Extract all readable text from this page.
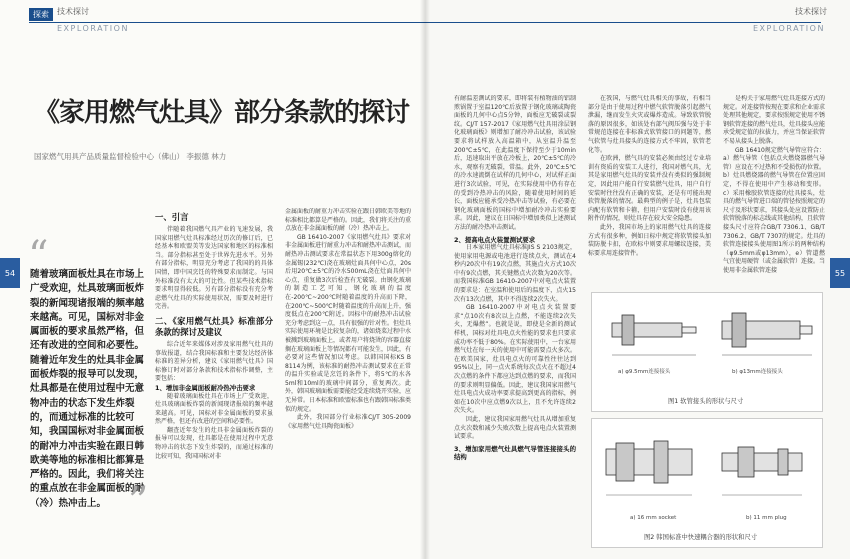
探索	技术探讨
EXPLORATION
54
《家用燃气灶具》部分条款的探讨
国家燃气用具产品质量监督检验中心（佛山） 李振德 林力
“
随着玻璃面板灶具在市场上广受欢迎，灶具玻璃面板炸裂的新闻现诸报端的频率越来越高。可见，国标对非金属面板的要求虽然严格，但还有改进的空间和必要性。随着近年发生的灶具非金属面板炸裂的报导可以发现，灶具都是在使用过程中无意物冲击的状态下发生炸裂的，而通过标准的比较可知，我国国标对非金属面板的耐冲力冲击实验在跟日韩欧美等地的标准相比都算是严格的。因此，我们将关注的重点放在非金属面板的耐（冷）热冲击上。 ”
一、引言

伴随着我国燃气具产业的飞速发展，我国家用燃气灶具标准经过历次的修订后，已经基本和欧盟美等发达国家和地区的标准相当。部分指标甚至处于世界先进水平。另外有部分指标，明显充分考虑了我国的的具体国情，即中国烹饪的特殊要求而制定。与国外标准没有太大的可比性。但某些技术指标要求明显得较低。另有部分指标没有充分考虑燃气灶具的实际使用状况，需要及时进行完善。

二、《家用燃气灶具》标准部分条款的探讨及建议

综合近年来媒体对涉及家用燃气灶具的事故报道，结合我国标准和主要发达经济体标准的差异分析，建议《家用燃气灶具》国标修订时对部分条款和技术指标作调整，主要包括：

1、增加非金属面板耐冷热冲击要求

随着玻璃面板灶具在市场上广受欢迎，灶具玻璃面板炸裂的新闻现诸报端的频率越来越高。可见，国标对非金属面板的要求虽然严格，但还有改进的空间和必要性。

翻查近年发生的灶具非金属面板炸裂的报导可以发现，灶具都是在使用过程中无意物冲击的状态下发生炸裂的，而通过标准的比较可知，我国国标对非

金属面板的耐重力冲击实验在跟日韩欧美等地的标准相比都算是严格的。因此，我们将关注的重点放在非金属面板的耐（冷）热冲击上。

GB 16410-2007《家用燃气灶具》要求对非金属面板进行耐重力冲击和耐热冲击测试，而耐热冲击测试要求在常温状态下用300g熔化的金属锡(232℃)浇在玻璃灶面具何中心点，20s后用20℃±5℃的冷水500mL浇在灶面具何中心点，重复做3次后检查有无破裂。由钢化玻璃的制造工艺可知，钢化玻璃的温度在-200℃~200℃时随着温度的升高而下降，在200℃~500℃时随着温度的升高而上升，强度低点在200℃附近。因标中的耐热冲击试验充分考虑到这一点，具有很强的针对性。但灶具实际使用环境是比较复杂的，诸如烧菜过程中水被溅到玻璃面板上，或者用户将烧烫的容器直接搁在玻璃面板上等情况都有可能发生，因此，有必要对这些情况加以考虑。以韩国国标KS B 8114为例，该标准的耐热冲击测试要求在正常的温升实验或是烹饪的条件下，将5℃的水各5ml和10ml的玻璃中间部分，重复两次。此外，韩国玻璃面板需要能经受连续烧开实验，应无异常。日本标准和欧盟标准也有跟韩国标准类似的规定。

此外，我国部分行业标准CJ/T 305-2009《家用燃气灶具陶瓷面板》

技术探讨
EXPLORATION
55

有耐温差测试的要求，即将装有植物油的铝制煎锅置于室温120℃后放置于钢化玻璃或陶瓷面板的几何中心点5分钟，面板应无破裂或裂纹。CJ/T 157-2017《家用燃气灶具用涂层钢化玻璃面板》则增加了耐冷冲击试验，该试验要求将试样放入高温箱中，从室温升温至200℃±5℃，在此温度下保持至少于10min后，迅速取出平放在冷板上，20℃±5℃的冷水，观察有无破裂，常温。此外，20℃±5℃的冷水速流倒在试样的几何中心，对试样正面进行3次试验，可见，在实际使用中仍有存在的受到冷热冲击的风险，随着使用时间的延长，面板应能承受冷热冲击等试验，有必要在钢化玻璃面板的国标中增加耐冷冲击实验要求。因此，建议在日国标中增加类似上述测试方法的耐冷热冲击测试。

2、提高电点火装置测试要求

日本家用燃气灶具标准JIS S 2103规定，使用家用电源或电池进行连续点火，测试在4秒内20次中有19次点燃，其施点火方式10次中有9次点燃，其关键燃点火次数为20次等。而我国标准GB 16410-2007中对电点火装置的要求是：在室温和使用后的温度下，点火15次有13次点燃，其中不得连续2次失火。

GB 16410-2007中对电点火装置要求“点10次有8次以上点燃，不能连续2次失火，无爆燃”。也就是说，即使是全新的测试样机，国标对灶具电点火性能的要求也只要求成功率不低于80%。在实际使用中，一台家用燃气灶在每一天的使用中可能需要点火多次。在欧美国家，灶具电点火的可靠性往往达到95%以上，同一点火系统每次点火在不超过4次点燃的条件下都应达到点燃的要求，而我国的要求则明显偏低。因此，建议我国家用燃气灶具电点火成功率要求提高到更高的指标，例如在10次中应点燃9次以上，且不允许连续2次失火。

因此，建议我国家用燃气灶具从增加重复点火次数和减少失败次数上提高电点火装置测试要求。

3、增加家用燃气灶具燃气导管连接接头的结构

在我国，与燃气灶具相关的事故，有相当部分是由于使用过程中燃气软管脱落引起燃气泄漏，继而发生火灾或爆炸造成。导致软管脱落的原因很多，如该处右部气阀压强与处于非常规范连接在非标准式软管接口的问题等，燃气软管与灶具接头的连接方式不牢固，软管老化等。

在欧洲，燃气具的安装必须由经过专业培训有资质的安装工人进行，我国对燃气具，尤其是家用燃气灶具的安装并没有类似的强制规定，因此用户能自行安装燃气灶具，用户自行安装时往往没有正确的安装，还是有可能出现软管脱落的情况。最典型的例子是，灶具包装内配有软管和卡箍，但用户安装时没有使用该附件的情况，则灶具存在较大安全隐患。

此外，我国市场上的家用燃气灶具的连接方式有很多种，例如日标中规定将软管接头加装防脱卡扣，在欧标中则要求用螺纹连接，美标要求用连接管件。

是构关于家用燃气灶具连接方式的规定。对连接管按现在要求和企业需求处理其他规定，要求按照规定使用不锈钢软管连接的燃气灶具，灶具接头应能承受规定值的拉拔力，并应当保证软管不易从接头上脱落。

GB 16410规定燃气导管应符合：a）燃气导管（包括点火燃烧器燃气导管）应设在不过热和不受损伤的位置。b）灶具燃烧器的燃气导管在位置应固定，不得在使用中产生移动和变形。c）采用橡胶软管连接的灶具接头，灶具的燃气导管进口端的管径按照规定的尺寸及形状要求，其接头处应设置防止软管脱落的标志线或其他结构，且软管接头尺寸应符合GB/T 7306.1、GB/T 7306.2、GB/T 7307的规定。灶具的软管连接接头使用图1所示的两种结构（φ9.5mm或φ13mm），e）管道燃气宜使用硬管（或金属软管）连接。当使用非金属软管连接

a) φ9.5mm连接接头	b) φ13mm连接接头
图1 软管接头的形状与尺寸
a) 16 mm socket	b) 11 mm plug
图2 韩国标准中快速耦合器的形状和尺寸
